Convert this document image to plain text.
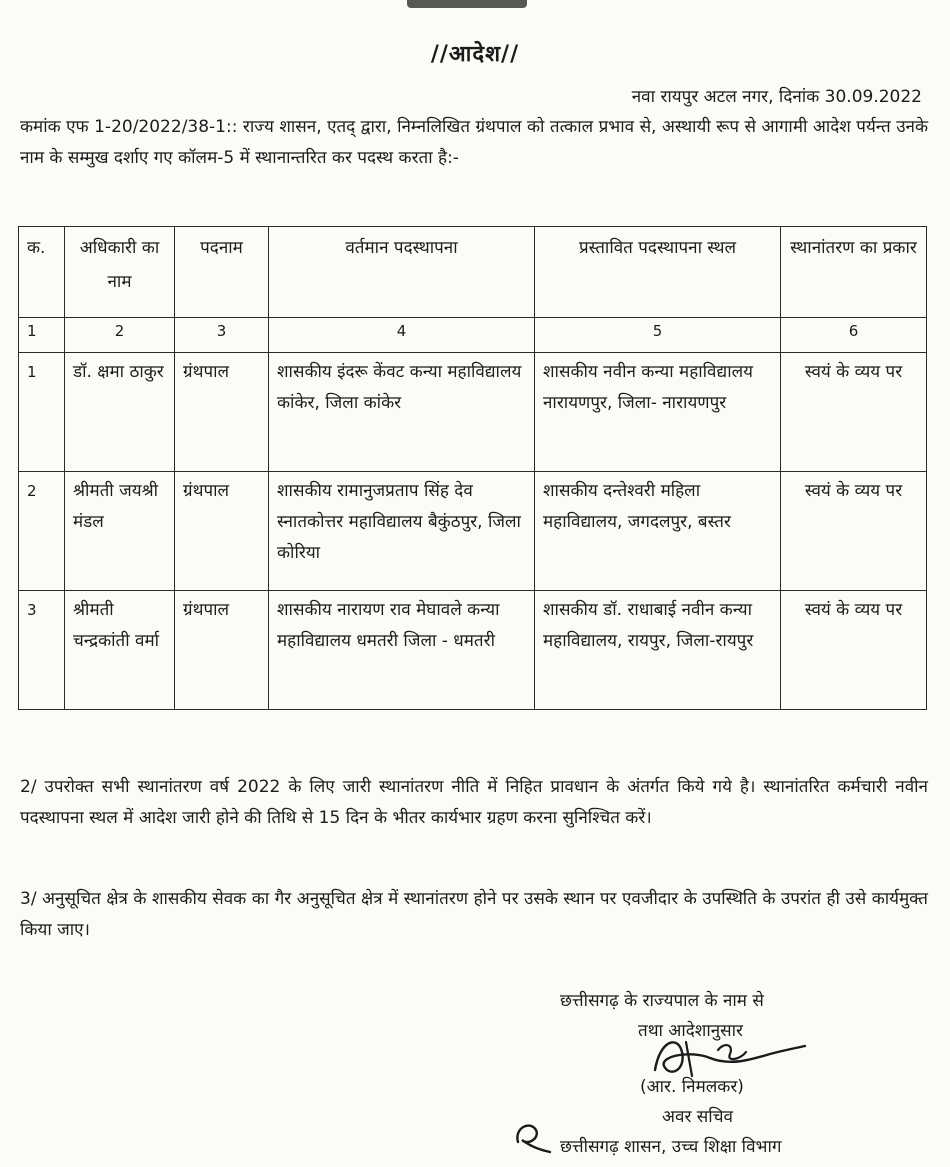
//आदेश//
नवा रायपुर अटल नगर, दिनांक 30.09.2022
कमांक एफ 1-20/2022/38-1:: राज्य शासन, एतद् द्वारा, निम्नलिखित ग्रंथपाल को तत्काल प्रभाव से, अस्थायी रूप से आगामी आदेश पर्यन्त उनके नाम के सम्मुख दर्शाए गए कॉलम-5 में स्थानान्तरित कर पदस्थ करता है:-
क.	अधिकारी का नाम	पदनाम	वर्तमान पदस्थापना	प्रस्तावित पदस्थापना स्थल	स्थानांतरण का प्रकार
1	2	3	4	5	6
1	डॉ. क्षमा ठाकुर	ग्रंथपाल	शासकीय इंदरू केंवट कन्या महाविद्यालय कांकेर, जिला कांकेर	शासकीय नवीन कन्या महाविद्यालय नारायणपुर, जिला- नारायणपुर	स्वयं के व्यय पर
2	श्रीमती जयश्री मंडल	ग्रंथपाल	शासकीय रामानुजप्रताप सिंह देव स्नातकोत्तर महाविद्यालय बैकुंठपुर, जिला कोरिया	शासकीय दन्तेश्वरी महिला महाविद्यालय, जगदलपुर, बस्तर	स्वयं के व्यय पर
3	श्रीमती चन्द्रकांती वर्मा	ग्रंथपाल	शासकीय नारायण राव मेघावले कन्या महाविद्यालय धमतरी जिला - धमतरी	शासकीय डॉ. राधाबाई नवीन कन्या महाविद्यालय, रायपुर, जिला-रायपुर	स्वयं के व्यय पर
2/ उपरोक्त सभी स्थानांतरण वर्ष 2022 के लिए जारी स्थानांतरण नीति में निहित प्रावधान के अंतर्गत किये गये है। स्थानांतरित कर्मचारी नवीन पदस्थापना स्थल में आदेश जारी होने की तिथि से 15 दिन के भीतर कार्यभार ग्रहण करना सुनिश्चित करें।
3/ अनुसूचित क्षेत्र के शासकीय सेवक का गैर अनुसूचित क्षेत्र में स्थानांतरण होने पर उसके स्थान पर एवजीदार के उपस्थिति के उपरांत ही उसे कार्यमुक्त किया जाए।
छत्तीसगढ़ के राज्यपाल के नाम से
तथा आदेशानुसार
(आर. निमलकर)
अवर सचिव
छत्तीसगढ़ शासन, उच्च शिक्षा विभाग
